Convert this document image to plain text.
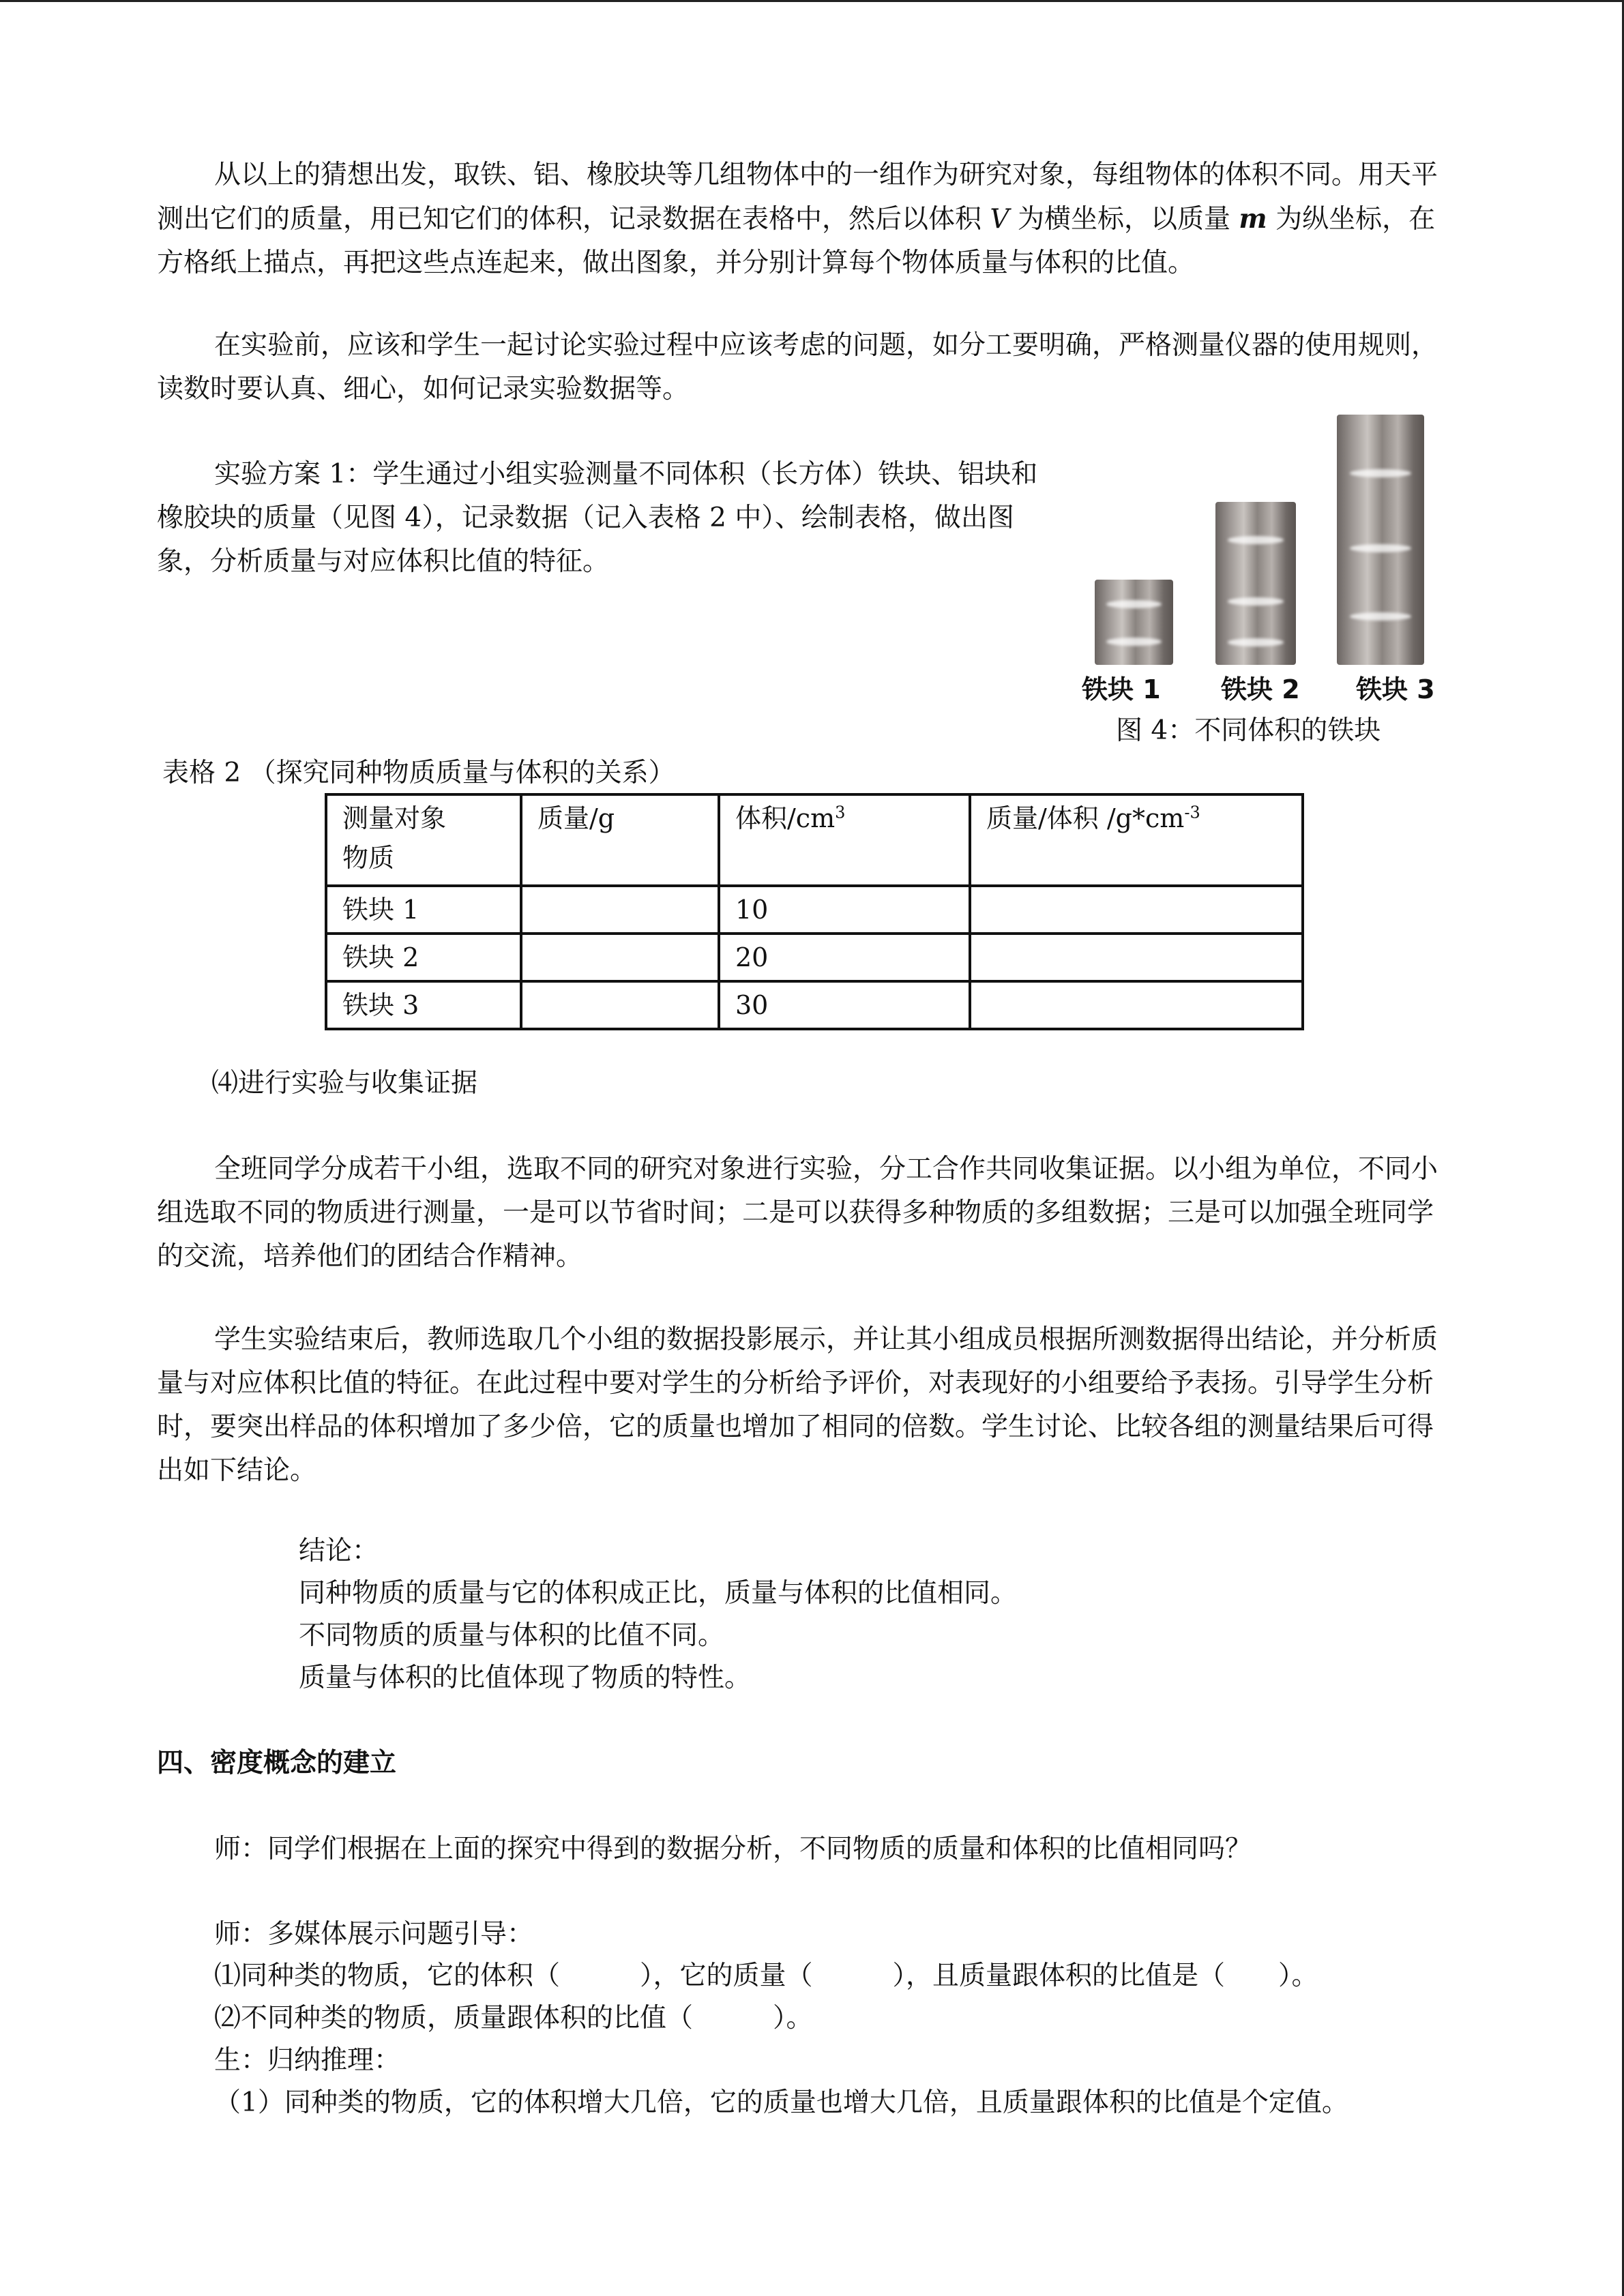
从以上的猜想出发，取铁、铝、橡胶块等几组物体中的一组作为研究对象，每组物体的体积不同。用天平测出它们的质量，用已知它们的体积，记录数据在表格中，然后以体积 V 为横坐标，以质量 m 为纵坐标，在方格纸上描点，再把这些点连起来，做出图象，并分别计算每个物体质量与体积的比值。

在实验前，应该和学生一起讨论实验过程中应该考虑的问题，如分工要明确，严格测量仪器的使用规则，读数时要认真、细心，如何记录实验数据等。

实验方案 1：学生通过小组实验测量不同体积（长方体）铁块、铝块和橡胶块的质量（见图 4），记录数据（记入表格 2 中）、绘制表格，做出图象，分析质量与对应体积比值的特征。

铁块 1 铁块 2 铁块 3
图 4：不同体积的铁块
表格 2 （探究同种物质质量与体积的关系）
测量对象
物质	质量/g	体积$/cm^3$	质量/体积 $/g*cm^{-3}$
铁块 1		10	
铁块 2		20	
铁块 3		30	
⑷进行实验与收集证据

全班同学分成若干小组，选取不同的研究对象进行实验，分工合作共同收集证据。以小组为单位，不同小组选取不同的物质进行测量，一是可以节省时间；二是可以获得多种物质的多组数据；三是可以加强全班同学的交流，培养他们的团结合作精神。

学生实验结束后，教师选取几个小组的数据投影展示，并让其小组成员根据所测数据得出结论，并分析质量与对应体积比值的特征。在此过程中要对学生的分析给予评价，对表现好的小组要给予表扬。引导学生分析时，要突出样品的体积增加了多少倍，它的质量也增加了相同的倍数。学生讨论、比较各组的测量结果后可得出如下结论。

结论：
同种物质的质量与它的体积成正比，质量与体积的比值相同。
不同物质的质量与体积的比值不同。
质量与体积的比值体现了物质的特性。
四、密度概念的建立
师：同学们根据在上面的探究中得到的数据分析，不同物质的质量和体积的比值相同吗？
师：多媒体展示问题引导：
⑴同种类的物质，它的体积（　　　），它的质量（　　　），且质量跟体积的比值是（　　）。
⑵不同种类的物质，质量跟体积的比值（　　　）。
生：归纳推理：
（1）同种类的物质，它的体积增大几倍，它的质量也增大几倍，且质量跟体积的比值是个定值。
